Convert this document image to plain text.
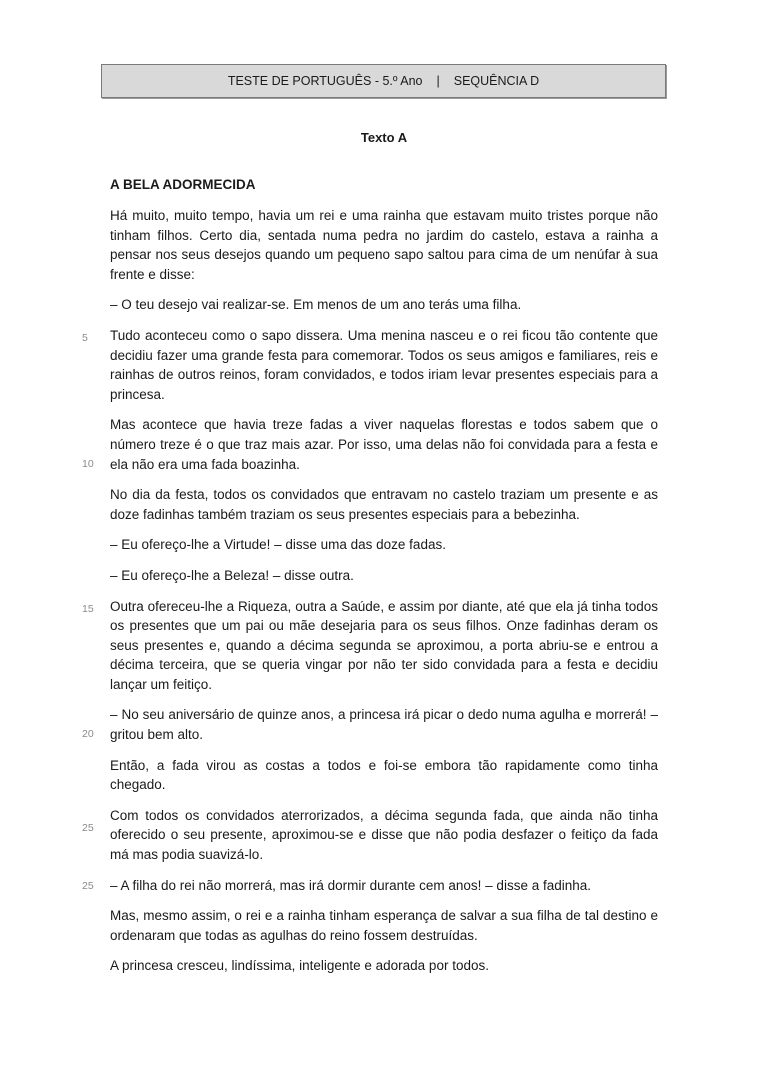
TESTE DE PORTUGUÊS - 5.º Ano | SEQUÊNCIA D
Texto A
A BELA ADORMECIDA

Há muito, muito tempo, havia um rei e uma rainha que estavam muito tristes porque não tinham filhos. Certo dia, sentada numa pedra no jardim do castelo, estava a rainha a pensar nos seus desejos quando um pequeno sapo saltou para cima de um nenúfar à sua frente e disse:

– O teu desejo vai realizar-se. Em menos de um ano terás uma filha.

Tudo aconteceu como o sapo dissera. Uma menina nasceu e o rei ficou tão contente que decidiu fazer uma grande festa para comemorar. Todos os seus amigos e familiares, reis e rainhas de outros reinos, foram convidados, e todos iriam levar presentes especiais para a princesa.

Mas acontece que havia treze fadas a viver naquelas florestas e todos sabem que o número treze é o que traz mais azar. Por isso, uma delas não foi convidada para a festa e ela não era uma fada boazinha.

No dia da festa, todos os convidados que entravam no castelo traziam um presente e as doze fadinhas também traziam os seus presentes especiais para a bebezinha.

– Eu ofereço-lhe a Virtude! – disse uma das doze fadas.

– Eu ofereço-lhe a Beleza! – disse outra.

Outra ofereceu-lhe a Riqueza, outra a Saúde, e assim por diante, até que ela já tinha todos os presentes que um pai ou mãe desejaria para os seus filhos. Onze fadinhas deram os seus presentes e, quando a décima segunda se aproximou, a porta abriu-se e entrou a décima terceira, que se queria vingar por não ter sido convidada para a festa e decidiu lançar um feitiço.

– No seu aniversário de quinze anos, a princesa irá picar o dedo numa agulha e morrerá! – gritou bem alto.

Então, a fada virou as costas a todos e foi-se embora tão rapidamente como tinha chegado.

Com todos os convidados aterrorizados, a décima segunda fada, que ainda não tinha oferecido o seu presente, aproximou-se e disse que não podia desfazer o feitiço da fada má mas podia suavizá-lo.

– A filha do rei não morrerá, mas irá dormir durante cem anos! – disse a fadinha.

Mas, mesmo assim, o rei e a rainha tinham esperança de salvar a sua filha de tal destino e ordenaram que todas as agulhas do reino fossem destruídas.

A princesa cresceu, lindíssima, inteligente e adorada por todos.

5
10
15
20
25
25
